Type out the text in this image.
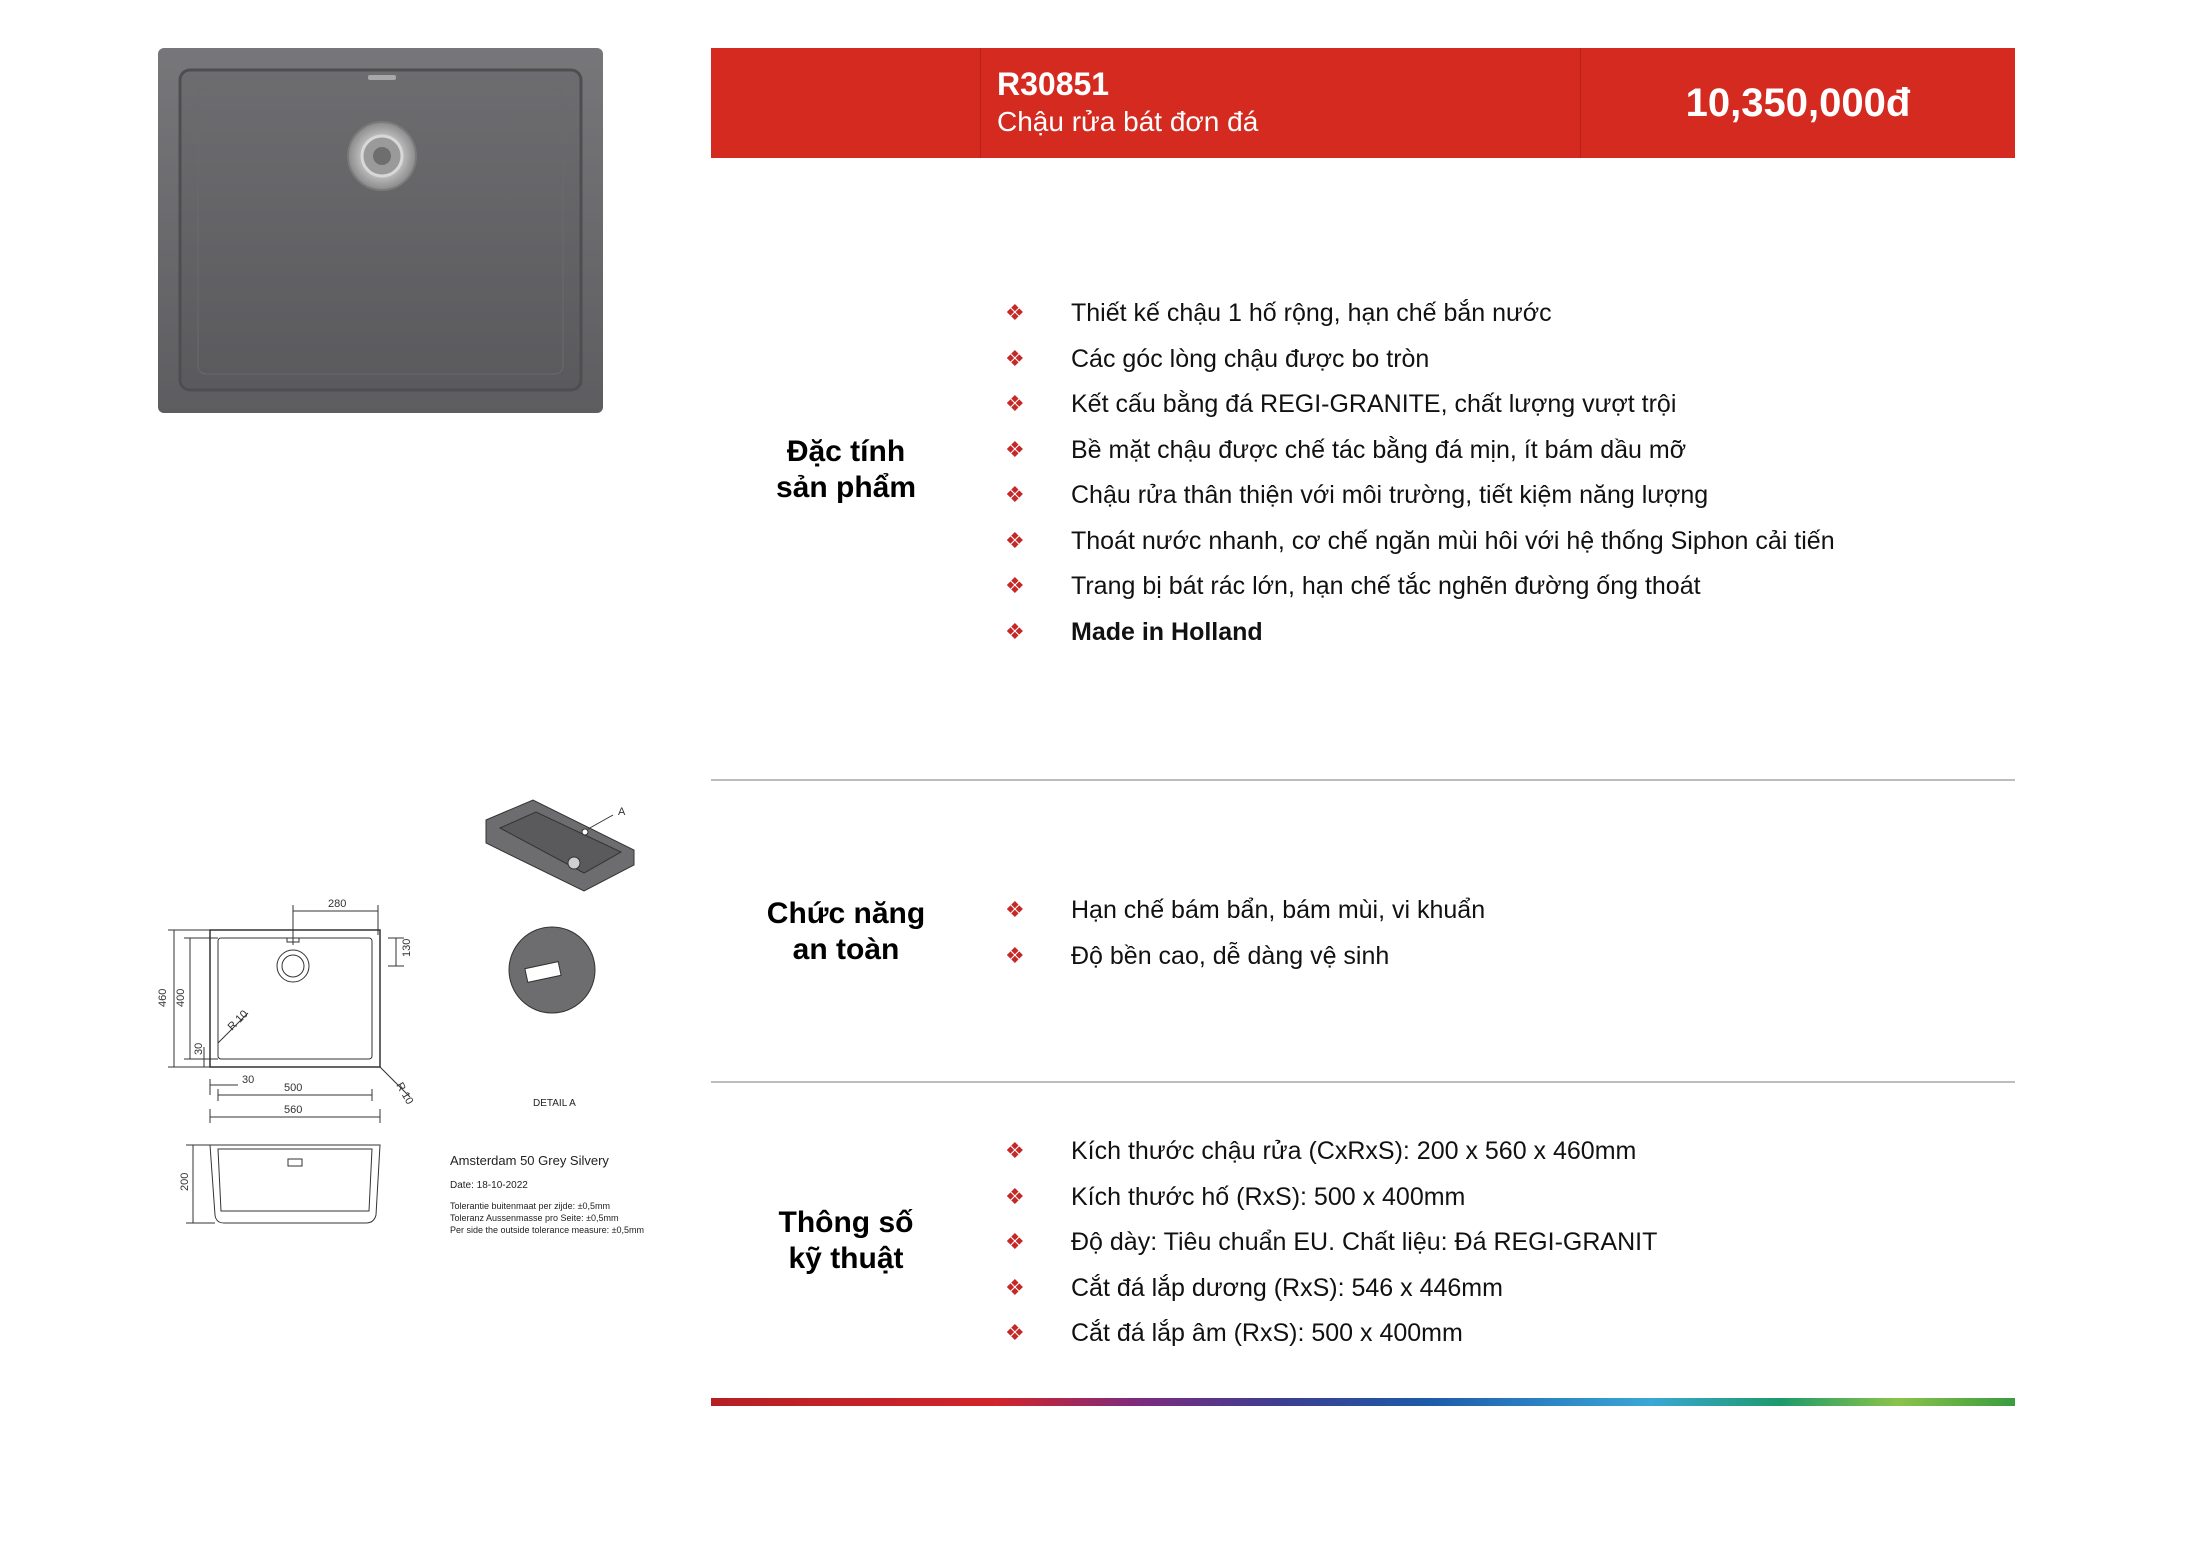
R30851
Chậu rửa bát đơn đá	10,350,000đ
Đặc tính
sản phẩm
❖ Thiết kế chậu 1 hố rộng, hạn chế bắn nước
❖ Các góc lòng chậu được bo tròn
❖ Kết cấu bằng đá REGI-GRANITE, chất lượng vượt trội
❖ Bề mặt chậu được chế tác bằng đá mịn, ít bám dầu mỡ
❖ Chậu rửa thân thiện với môi trường, tiết kiệm năng lượng
❖ Thoát nước nhanh, cơ chế ngăn mùi hôi với hệ thống Siphon cải tiến
❖ Trang bị bát rác lớn, hạn chế tắc nghẽn đường ống thoát
❖ Made in Holland
Chức năng
an toàn
❖ Hạn chế bám bẩn, bám mùi, vi khuẩn
❖ Độ bền cao, dễ dàng vệ sinh
Thông số
kỹ thuật
❖ Kích thước chậu rửa (CxRxS): 200 x 560 x 460mm
❖ Kích thước hố (RxS): 500 x 400mm
❖ Độ dày: Tiêu chuẩn EU. Chất liệu: Đá REGI-GRANIT
❖ Cắt đá lắp dương (RxS): 546 x 446mm
❖ Cắt đá lắp âm (RxS): 500 x 400mm
280
130
460 400
30
R 10
R 10
30
500
560
200
A
DETAIL A
Amsterdam 50 Grey Silvery
Date: 18-10-2022
Tolerantie buitenmaat per zijde: ±0,5mm
Toleranz Aussenmasse pro Seite: ±0,5mm
Per side the outside tolerance measure: ±0,5mm
